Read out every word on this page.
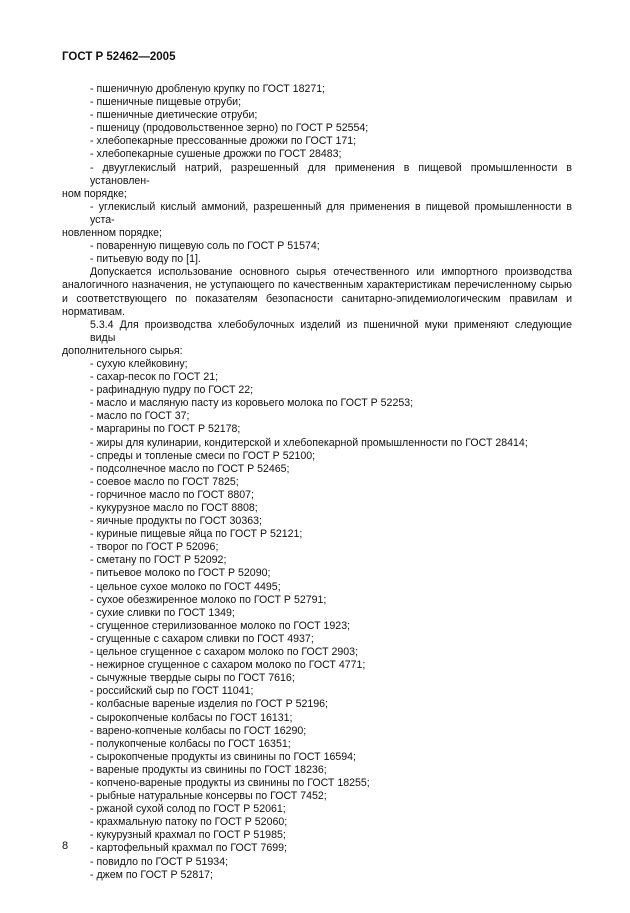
ГОСТ Р 52462—2005
- пшеничную дробленую крупку по ГОСТ 18271;
- пшеничные пищевые отруби;
- пшеничные диетические отруби;
- пшеницу (продовольственное зерно) по ГОСТ Р 52554;
- хлебопекарные прессованные дрожжи по ГОСТ 171;
- хлебопекарные сушеные дрожжи по ГОСТ 28483;
- двууглекислый натрий, разрешенный для применения в пищевой промышленности в установлен-
ном порядке;
- углекислый кислый аммоний, разрешенный для применения в пищевой промышленности в уста-
новленном порядке;
- поваренную пищевую соль по ГОСТ Р 51574;
- питьевую воду по [1].

Допускается использование основного сырья отечественного или импортного производства аналогичного назначения, не уступающего по качественным характеристикам перечисленному сырью и соответствующего по показателям безопасности санитарно-эпидемиологическим правилам и нормативам.

5.3.4 Для производства хлебобулочных изделий из пшеничной муки применяют следующие виды
дополнительного сырья:
- сухую клейковину;
- сахар-песок по ГОСТ 21;
- рафинадную пудру по ГОСТ 22;
- масло и масляную пасту из коровьего молока по ГОСТ Р 52253;
- масло по ГОСТ 37;
- маргарины по ГОСТ Р 52178;
- жиры для кулинарии, кондитерской и хлебопекарной промышленности по ГОСТ 28414;
- спреды и топленые смеси по ГОСТ Р 52100;
- подсолнечное масло по ГОСТ Р 52465;
- соевое масло по ГОСТ 7825;
- горчичное масло по ГОСТ 8807;
- кукурузное масло по ГОСТ 8808;
- яичные продукты по ГОСТ 30363;
- куриные пищевые яйца по ГОСТ Р 52121;
- творог по ГОСТ Р 52096;
- сметану по ГОСТ Р 52092;
- питьевое молоко по ГОСТ Р 52090;
- цельное сухое молоко по ГОСТ 4495;
- сухое обезжиренное молоко по ГОСТ Р 52791;
- сухие сливки по ГОСТ 1349;
- сгущенное стерилизованное молоко по ГОСТ 1923;
- сгущенные с сахаром сливки по ГОСТ 4937;
- цельное сгущенное с сахаром молоко по ГОСТ 2903;
- нежирное сгущенное с сахаром молоко по ГОСТ 4771;
- сычужные твердые сыры по ГОСТ 7616;
- российский сыр по ГОСТ 11041;
- колбасные вареные изделия по ГОСТ Р 52196;
- сырокопченые колбасы по ГОСТ 16131;
- варено-копченые колбасы по ГОСТ 16290;
- полукопченые колбасы по ГОСТ 16351;
- сырокопченые продукты из свинины по ГОСТ 16594;
- вареные продукты из свинины по ГОСТ 18236;
- копчено-вареные продукты из свинины по ГОСТ 18255;
- рыбные натуральные консервы по ГОСТ 7452;
- ржаной сухой солод по ГОСТ Р 52061;
- крахмальную патоку по ГОСТ Р 52060;
- кукурузный крахмал по ГОСТ Р 51985;
- картофельный крахмал по ГОСТ 7699;
- повидло по ГОСТ Р 51934;
- джем по ГОСТ Р 52817;
8
